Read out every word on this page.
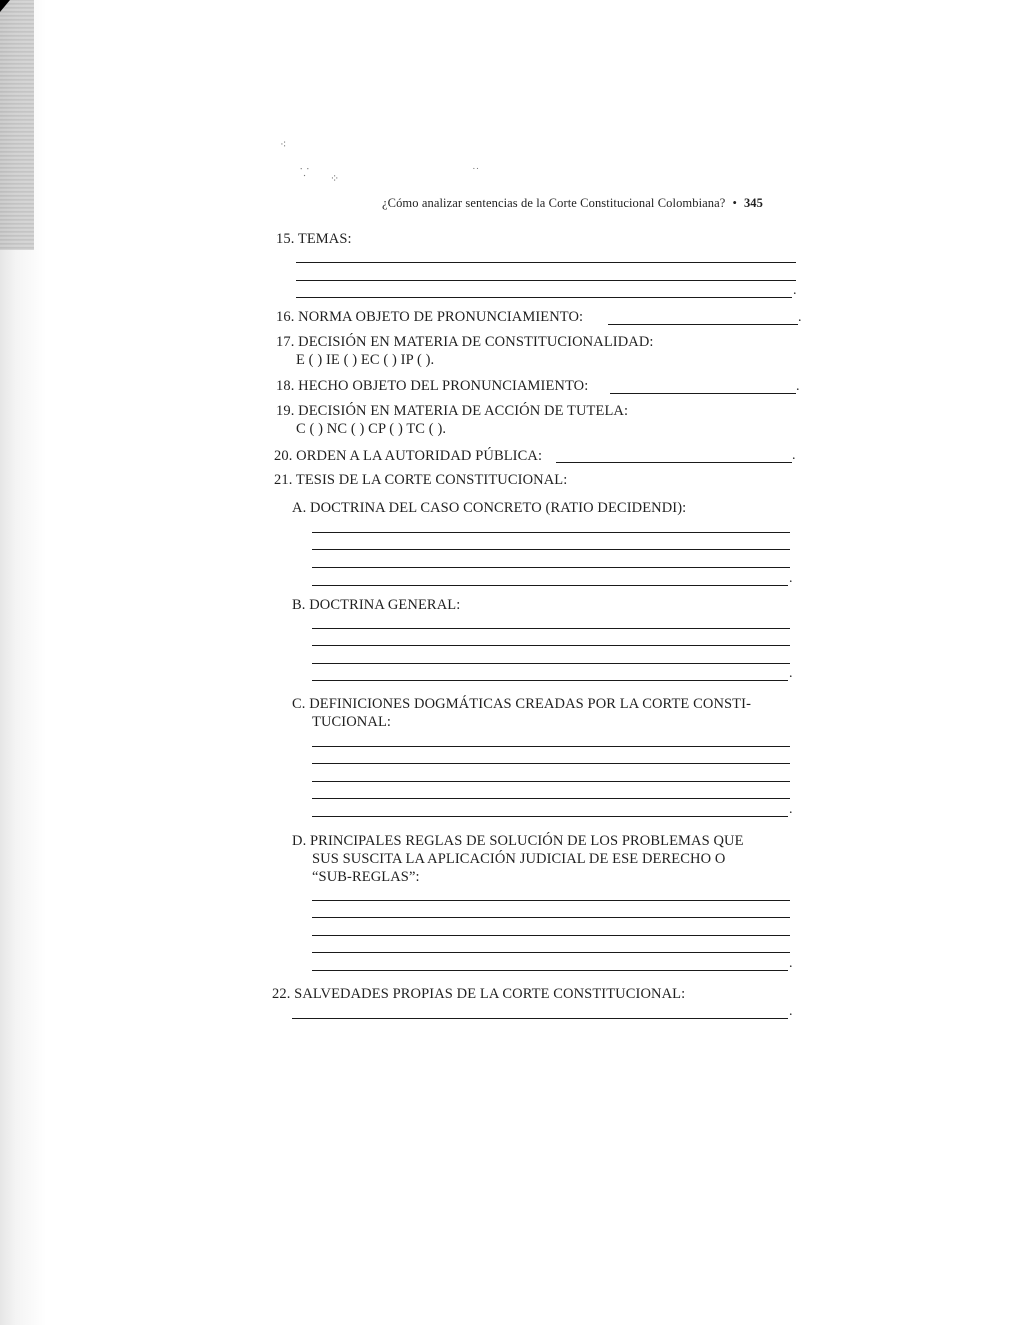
⁖
⸪ ⁘
˙˙
¿Cómo analizar sentencias de la Corte Constitucional Colombiana? • 345
15. TEMAS:
.
16. NORMA OBJETO DE PRONUNCIAMIENTO:	.
17. DECISIÓN EN MATERIA DE CONSTITUCIONALIDAD:
E ( ) IE ( ) EC ( ) IP ( ).
18. HECHO OBJETO DEL PRONUNCIAMIENTO:	.
19. DECISIÓN EN MATERIA DE ACCIÓN DE TUTELA:
C ( ) NC ( ) CP ( ) TC ( ).
20. ORDEN A LA AUTORIDAD PÚBLICA:	.
21. TESIS DE LA CORTE CONSTITUCIONAL:
A. DOCTRINA DEL CASO CONCRETO (RATIO DECIDENDI):
.
B. DOCTRINA GENERAL:
.
C. DEFINICIONES DOGMÁTICAS CREADAS POR LA CORTE CONSTI-
TUCIONAL:
.
D. PRINCIPALES REGLAS DE SOLUCIÓN DE LOS PROBLEMAS QUE
SUS SUSCITA LA APLICACIÓN JUDICIAL DE ESE DERECHO O
“SUB-REGLAS”:
.
22. SALVEDADES PROPIAS DE LA CORTE CONSTITUCIONAL:
.
